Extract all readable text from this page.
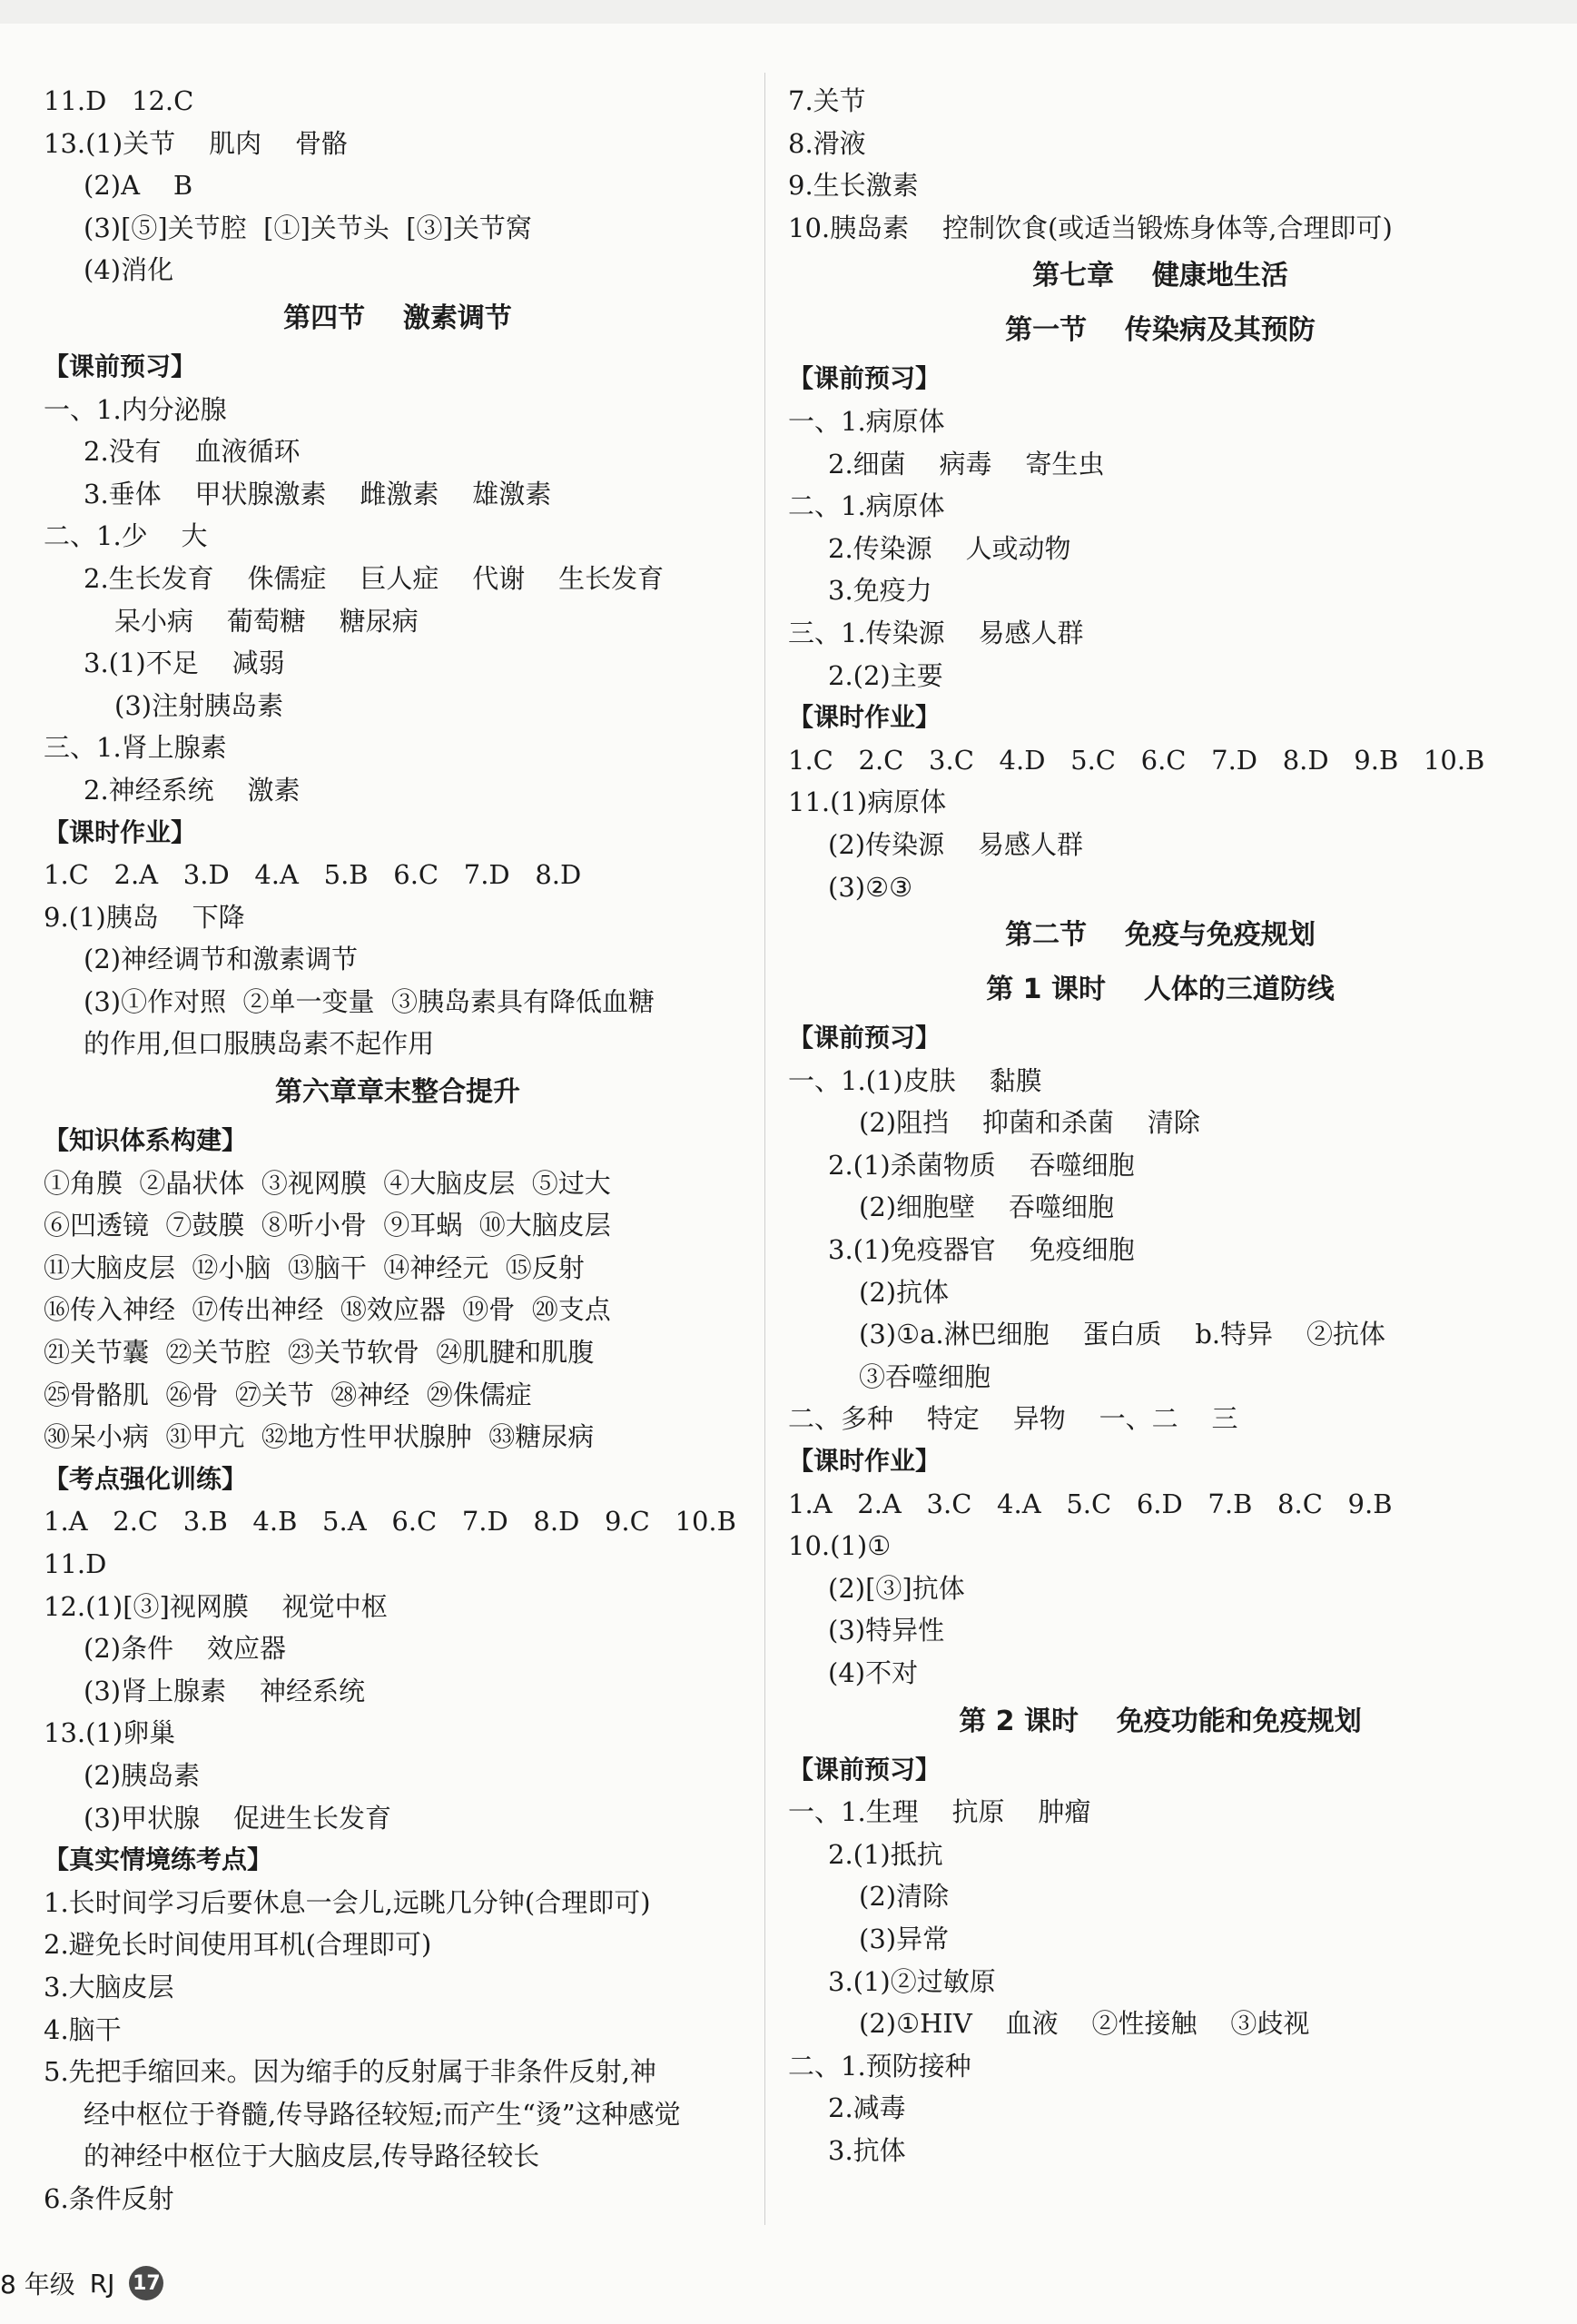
11.D   12.C
13.(1)关节    肌肉    骨骼
(2)A    B
(3)[⑤]关节腔  [①]关节头  [③]关节窝
(4)消化
第四节    激素调节
【课前预习】
一、1.内分泌腺
2.没有    血液循环
3.垂体    甲状腺激素    雌激素    雄激素
二、1.少    大
2.生长发育    侏儒症    巨人症    代谢    生长发育
呆小病    葡萄糖    糖尿病
3.(1)不足    减弱
(3)注射胰岛素
三、1.肾上腺素
2.神经系统    激素
【课时作业】
1.C   2.A   3.D   4.A   5.B   6.C   7.D   8.D
9.(1)胰岛    下降
(2)神经调节和激素调节
(3)①作对照  ②单一变量  ③胰岛素具有降低血糖
的作用,但口服胰岛素不起作用
第六章章末整合提升
【知识体系构建】
①角膜  ②晶状体  ③视网膜  ④大脑皮层  ⑤过大
⑥凹透镜  ⑦鼓膜  ⑧听小骨  ⑨耳蜗  ⑩大脑皮层
⑪大脑皮层  ⑫小脑  ⑬脑干  ⑭神经元  ⑮反射
⑯传入神经  ⑰传出神经  ⑱效应器  ⑲骨  ⑳支点
㉑关节囊  ㉒关节腔  ㉓关节软骨  ㉔肌腱和肌腹
㉕骨骼肌  ㉖骨  ㉗关节  ㉘神经  ㉙侏儒症
㉚呆小病  ㉛甲亢  ㉜地方性甲状腺肿  ㉝糖尿病
【考点强化训练】
1.A   2.C   3.B   4.B   5.A   6.C   7.D   8.D   9.C   10.B
11.D
12.(1)[③]视网膜    视觉中枢
(2)条件    效应器
(3)肾上腺素    神经系统
13.(1)卵巢
(2)胰岛素
(3)甲状腺    促进生长发育
【真实情境练考点】
1.长时间学习后要休息一会儿,远眺几分钟(合理即可)
2.避免长时间使用耳机(合理即可)
3.大脑皮层
4.脑干
5.先把手缩回来。因为缩手的反射属于非条件反射,神
经中枢位于脊髓,传导路径较短;而产生“烫”这种感觉
的神经中枢位于大脑皮层,传导路径较长
6.条件反射
7.关节
8.滑液
9.生长激素
10.胰岛素    控制饮食(或适当锻炼身体等,合理即可)
第七章    健康地生活
第一节    传染病及其预防
【课前预习】
一、1.病原体
2.细菌    病毒    寄生虫
二、1.病原体
2.传染源    人或动物
3.免疫力
三、1.传染源    易感人群
2.(2)主要
【课时作业】
1.C   2.C   3.C   4.D   5.C   6.C   7.D   8.D   9.B   10.B
11.(1)病原体
(2)传染源    易感人群
(3)②③
第二节    免疫与免疫规划
第 1 课时    人体的三道防线
【课前预习】
一、1.(1)皮肤    黏膜
(2)阻挡    抑菌和杀菌    清除
2.(1)杀菌物质    吞噬细胞
(2)细胞壁    吞噬细胞
3.(1)免疫器官    免疫细胞
(2)抗体
(3)①a.淋巴细胞    蛋白质    b.特异    ②抗体
③吞噬细胞
二、多种    特定    异物    一、二    三
【课时作业】
1.A   2.A   3.C   4.A   5.C   6.D   7.B   8.C   9.B
10.(1)①
(2)[③]抗体
(3)特异性
(4)不对
第 2 课时    免疫功能和免疫规划
【课前预习】
一、1.生理    抗原    肿瘤
2.(1)抵抗
(2)清除
(3)异常
3.(1)②过敏原
(2)①HIV    血液    ②性接触    ③歧视
二、1.预防接种
2.减毒
3.抗体
8 年级 RJ 17
